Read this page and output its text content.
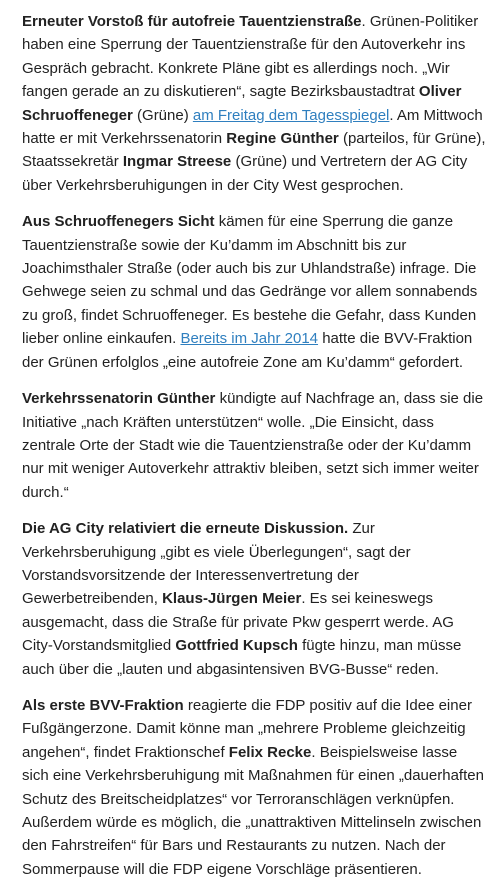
Erneuter Vorstoß für autofreie Tauentzienstraße. Grünen-Politiker haben eine Sperrung der Tauentzienstraße für den Autoverkehr ins Gespräch gebracht. Konkrete Pläne gibt es allerdings noch. „Wir fangen gerade an zu diskutieren“, sagte Bezirksbaustadtrat Oliver Schruoffeneger (Grüne) am Freitag dem Tagesspiegel. Am Mittwoch hatte er mit Verkehrssenatorin Regine Günther (parteilos, für Grüne), Staatssekretär Ingmar Streese (Grüne) und Vertretern der AG City über Verkehrsberuhigungen in der City West gesprochen.

Aus Schruoffenegers Sicht kämen für eine Sperrung die ganze Tauentzienstraße sowie der Ku’damm im Abschnitt bis zur Joachimsthaler Straße (oder auch bis zur Uhlandstraße) infrage. Die Gehwege seien zu schmal und das Gedränge vor allem sonnabends zu groß, findet Schruoffeneger. Es bestehe die Gefahr, dass Kunden lieber online einkaufen. Bereits im Jahr 2014 hatte die BVV-Fraktion der Grünen erfolglos „eine autofreie Zone am Ku’damm“ gefordert.

Verkehrssenatorin Günther kündigte auf Nachfrage an, dass sie die Initiative „nach Kräften unterstützen“ wolle. „Die Einsicht, dass zentrale Orte der Stadt wie die Tauentzienstraße oder der Ku’damm nur mit weniger Autoverkehr attraktiv bleiben, setzt sich immer weiter durch.“

Die AG City relativiert die erneute Diskussion. Zur Verkehrsberuhigung „gibt es viele Überlegungen“, sagt der Vorstandsvorsitzende der Interessenvertretung der Gewerbetreibenden, Klaus-Jürgen Meier. Es sei keineswegs ausgemacht, dass die Straße für private Pkw gesperrt werde. AG City-Vorstandsmitglied Gottfried Kupsch fügte hinzu, man müsse auch über die „lauten und abgasintensiven BVG-Busse“ reden.

Als erste BVV-Fraktion reagierte die FDP positiv auf die Idee einer Fußgängerzone. Damit könne man „mehrere Probleme gleichzeitig angehen“, findet Fraktionschef Felix Recke. Beispielsweise lasse sich eine Verkehrsberuhigung mit Maßnahmen für einen „dauerhaften Schutz des Breitscheidplatzes“ vor Terroranschlägen verknüpfen. Außerdem würde es möglich, die „unattraktiven Mittelinseln zwischen den Fahrstreifen“ für Bars und Restaurants zu nutzen. Nach der Sommerpause will die FDP eigene Vorschläge präsentieren.
